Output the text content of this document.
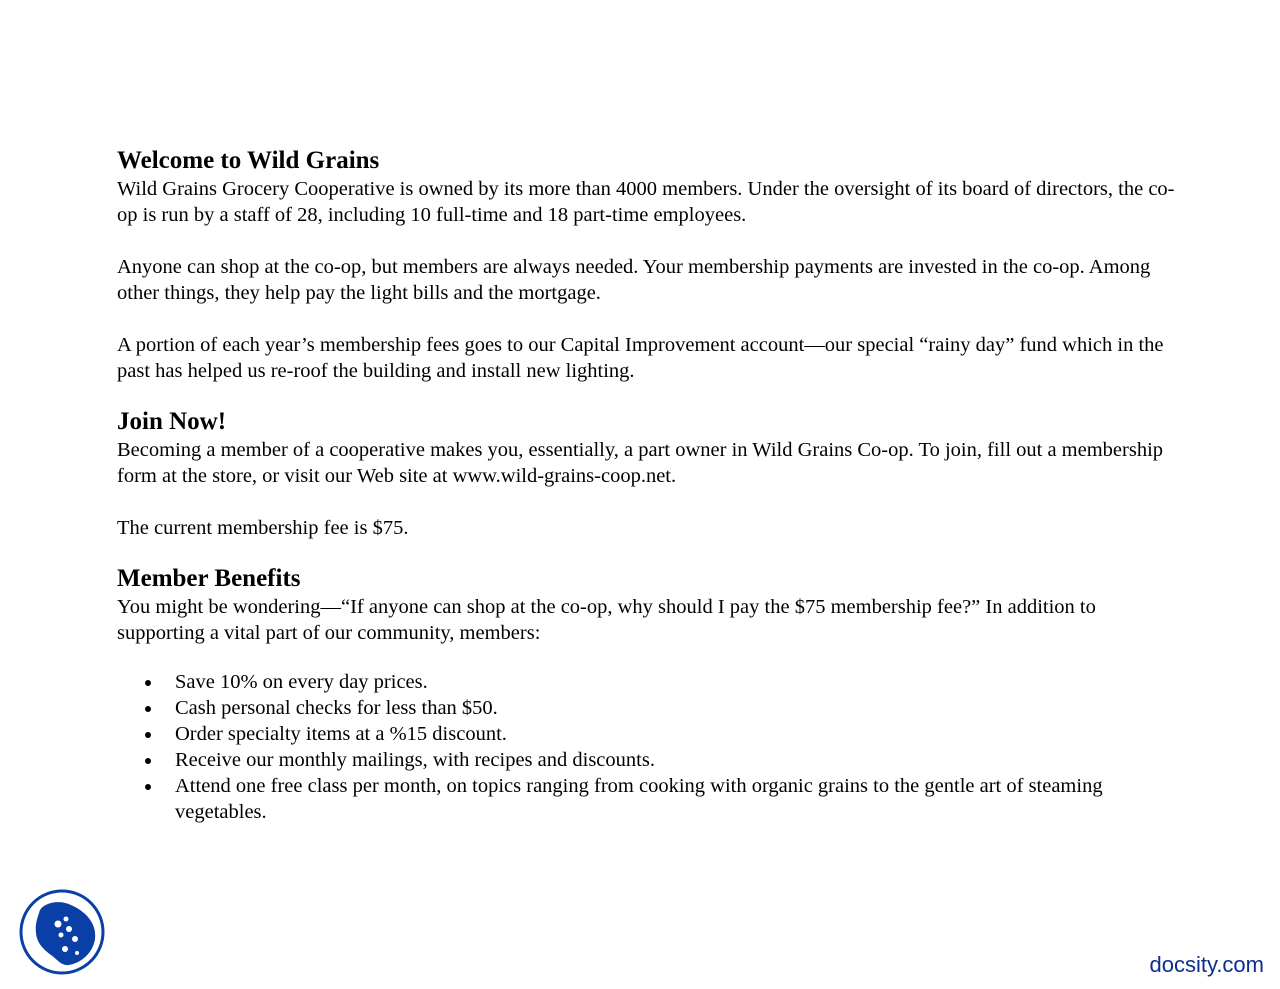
Welcome to Wild Grains

Wild Grains Grocery Cooperative is owned by its more than 4000 members. Under the oversight of its board of directors, the co-op is run by a staff of 28, including 10 full-time and 18 part-time employees.

Anyone can shop at the co-op, but members are always needed. Your membership payments are invested in the co-op. Among other things, they help pay the light bills and the mortgage.

A portion of each year’s membership fees goes to our Capital Improvement account—our special “rainy day” fund which in the past has helped us re-roof the building and install new lighting.

Join Now!

Becoming a member of a cooperative makes you, essentially, a part owner in Wild Grains Co-op. To join, fill out a membership form at the store, or visit our Web site at www.wild-grains-coop.net.

The current membership fee is $75.

Member Benefits

You might be wondering—“If anyone can shop at the co-op, why should I pay the $75 membership fee?” In addition to supporting a vital part of our community, members:

Save 10% on every day prices.
Cash personal checks for less than $50.
Order specialty items at a %15 discount.
Receive our monthly mailings, with recipes and discounts.
Attend one free class per month, on topics ranging from cooking with organic grains to the gentle art of steaming vegetables.
docsity.com
